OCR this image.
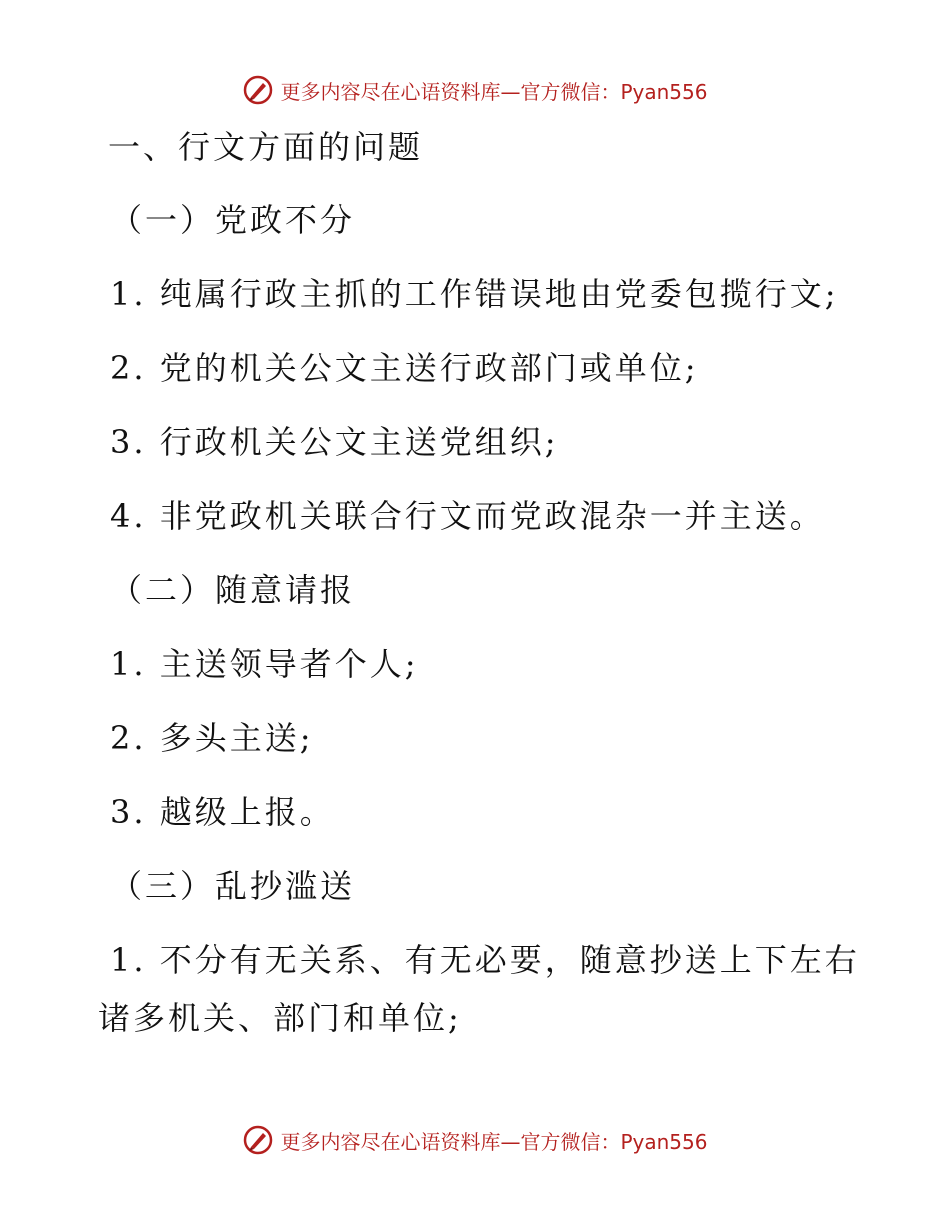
更多内容尽在心语资料库—官方微信：Pyan556
一、行文方面的问题
（一）党政不分
1. 纯属行政主抓的工作错误地由党委包揽行文;
2. 党的机关公文主送行政部门或单位;
3. 行政机关公文主送党组织;
4. 非党政机关联合行文而党政混杂一并主送。
（二）随意请报
1. 主送领导者个人;
2. 多头主送;
3. 越级上报。
（三）乱抄滥送
1. 不分有无关系、有无必要，随意抄送上下左右
诸多机关、部门和单位;
更多内容尽在心语资料库—官方微信：Pyan556
